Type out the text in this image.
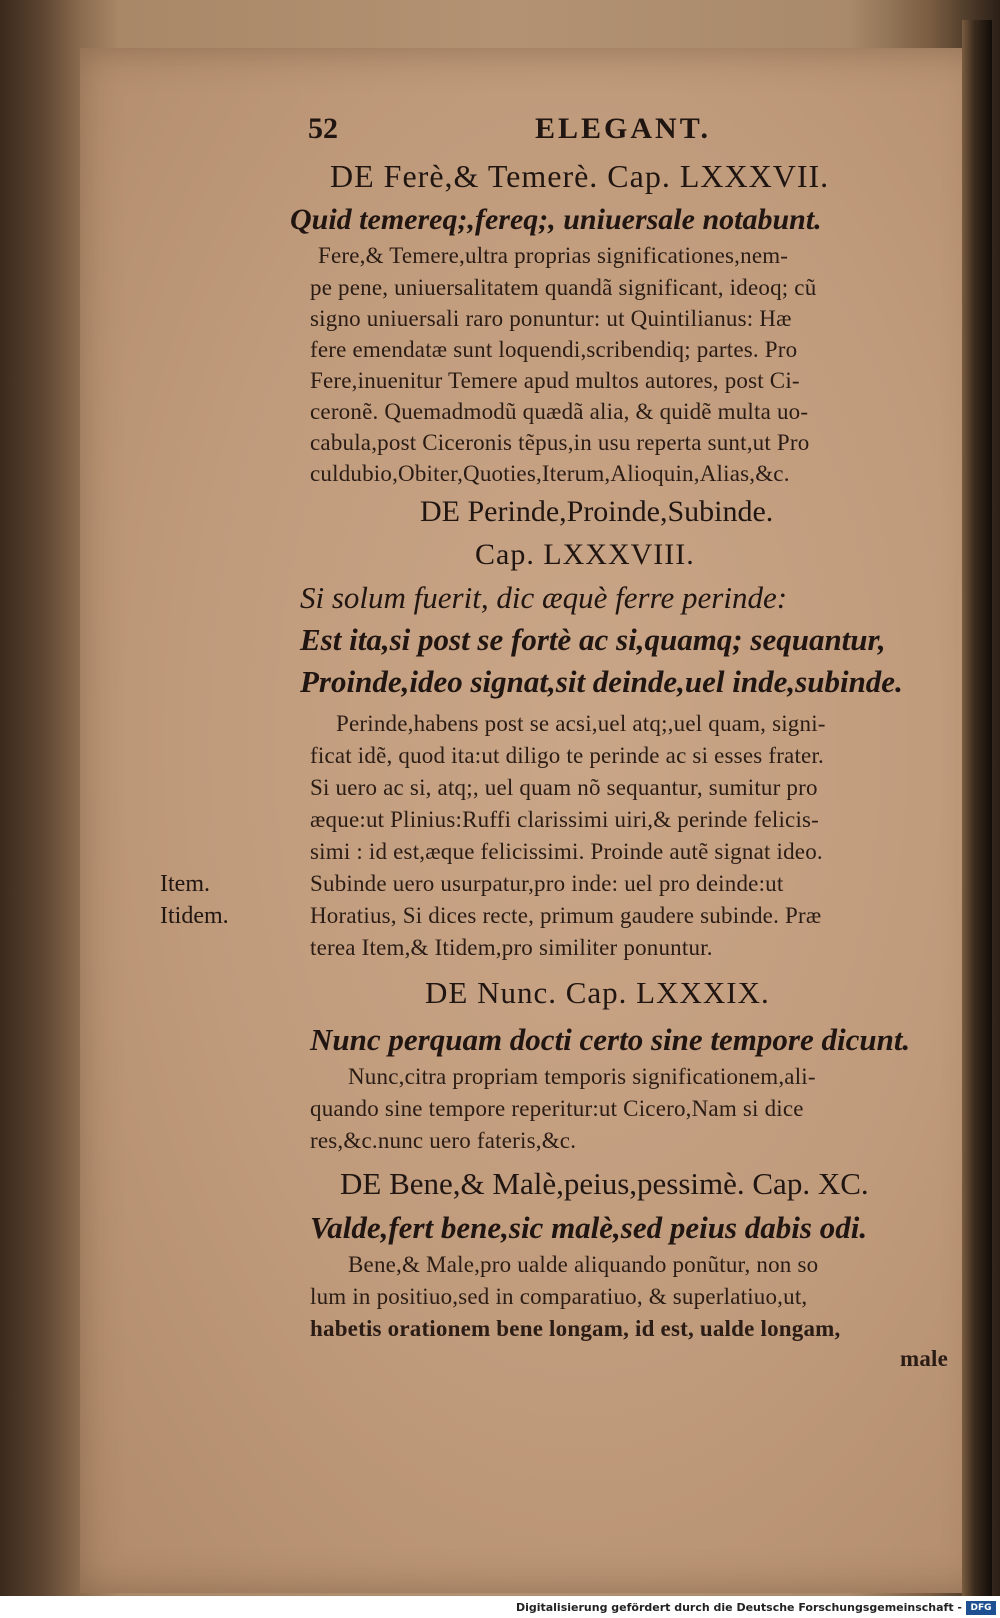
52	ELEGANT.
DE Ferè,& Temerè. Cap. LXXXVII.
Quid temereq;,fereq;, uniuersale notabunt.
Fere,& Temere,ultra proprias significationes,nem-
pe pene, uniuersalitatem quandã significant, ideoq; cũ
signo uniuersali raro ponuntur: ut Quintilianus: Hæ
fere emendatæ sunt loquendi,scribendiq; partes. Pro
Fere,inuenitur Temere apud multos autores, post Ci-
ceronẽ. Quemadmodũ quædã alia, & quidẽ multa uo-
cabula,post Ciceronis tẽpus,in usu reperta sunt,ut Pro
culdubio,Obiter,Quoties,Iterum,Alioquin,Alias,&c.
DE Perinde,Proinde,Subinde.
Cap. LXXXVIII.
Si solum fuerit, dic æquè ferre perinde:
Est ita,si post se fortè ac si,quamq; sequantur,
Proinde,ideo signat,sit deinde,uel inde,subinde.
Perinde,habens post se acsi,uel atq;,uel quam, signi-
ficat idẽ, quod ita:ut diligo te perinde ac si esses frater.
Si uero ac si, atq;, uel quam nõ sequantur, sumitur pro
æque:ut Plinius:Ruffi clarissimi uiri,& perinde felicis-
simi : id est,æque felicissimi. Proinde autẽ signat ideo.
Subinde uero usurpatur,pro inde: uel pro deinde:ut
Horatius, Si dices recte, primum gaudere subinde. Præ
terea Item,& Itidem,pro similiter ponuntur.
Item.
Itidem.
DE Nunc. Cap. LXXXIX.
Nunc perquam docti certo sine tempore dicunt.
Nunc,citra propriam temporis significationem,ali-
quando sine tempore reperitur:ut Cicero,Nam si dice
res,&c.nunc uero fateris,&c.
DE Bene,& Malè,peius,pessimè. Cap. XC.
Valde,fert bene,sic malè,sed peius dabis odi.
Bene,& Male,pro ualde aliquando ponũtur, non so
lum in positiuo,sed in comparatiuo, & superlatiuo,ut,
habetis orationem bene longam, id est, ualde longam,
male
Digitalisierung gefördert durch die Deutsche Forschungsgemeinschaft - DFG
